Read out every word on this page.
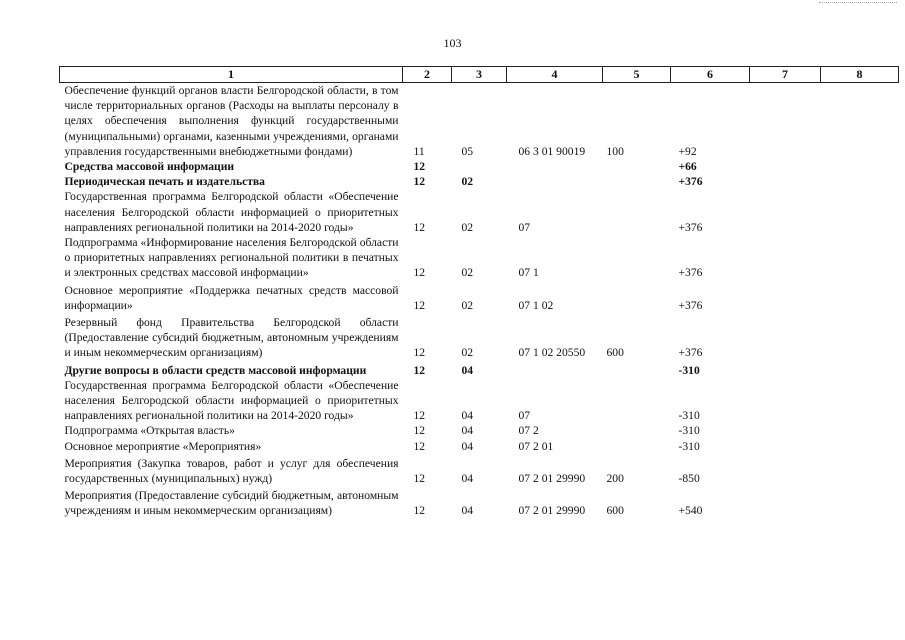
103
1	2	3	4	5	6	7	8
Обеспечение функций органов власти Белгородской области, в том числе территориальных органов (Расходы на выплаты персоналу в целях обеспечения выполнения функций государственными (муниципальными) органами, казенными учреждениями, органами управления государственными внебюджетными фондами)	11	05	06 3 01 90019	100	+92		
Средства массовой информации	12				+66		
Периодическая печать и издательства	12	02			+376		
Государственная программа Белгородской области «Обеспечение населения Белгородской области информацией о приоритетных направлениях региональной политики на 2014-2020 годы»	12	02	07		+376		
Подпрограмма «Информирование населения Белгородской области о приоритетных направлениях региональной политики в печатных и электронных средствах массовой информации»	12	02	07 1		+376		
Основное мероприятие «Поддержка печатных средств массовой информации»	12	02	07 1 02		+376		
Резервный фонд Правительства Белгородской области (Предоставление субсидий бюджетным, автономным учреждениям и иным некоммерческим организациям)	12	02	07 1 02 20550	600	+376		
Другие вопросы в области средств массовой информации	12	04			-310		
Государственная программа Белгородской области «Обеспечение населения Белгородской области информацией о приоритетных направлениях региональной политики на 2014-2020 годы»	12	04	07		-310		
Подпрограмма «Открытая власть»	12	04	07 2		-310		
Основное мероприятие «Мероприятия»	12	04	07 2 01		-310		
Мероприятия (Закупка товаров, работ и услуг для обеспечения государственных (муниципальных) нужд)	12	04	07 2 01 29990	200	-850		
Мероприятия (Предоставление субсидий бюджетным, автономным учреждениям и иным некоммерческим организациям)	12	04	07 2 01 29990	600	+540		
